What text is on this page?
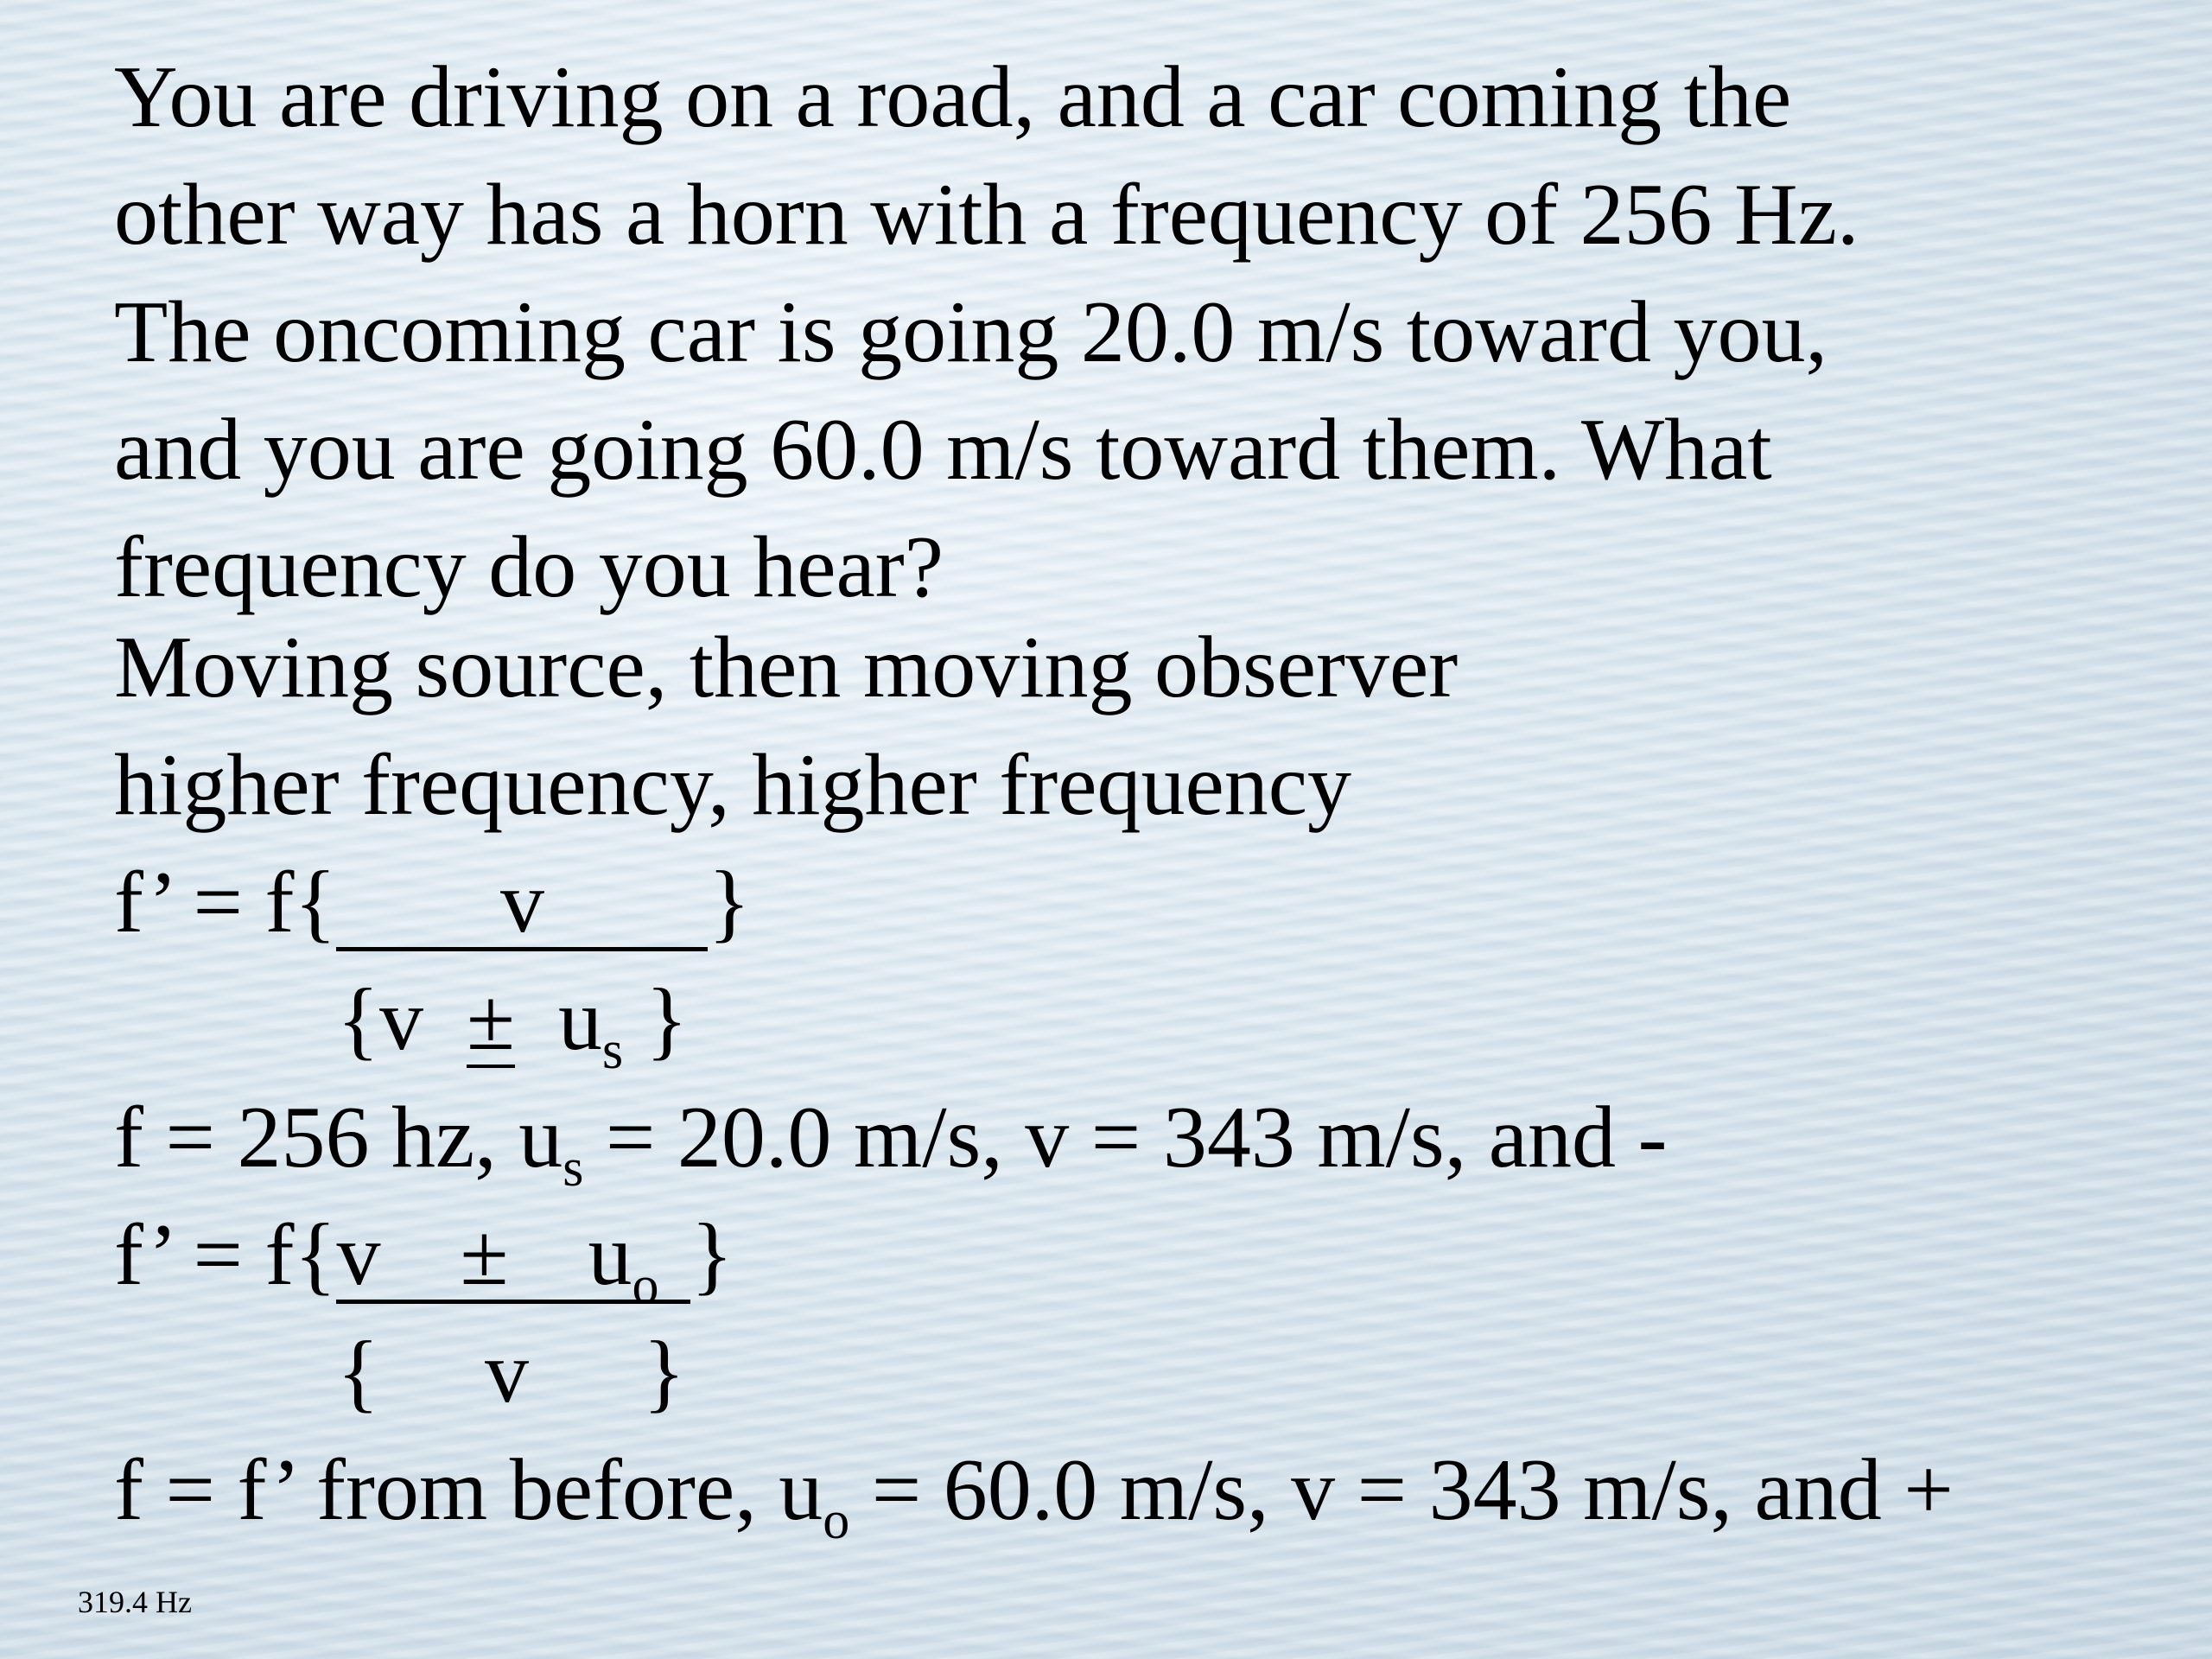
You are driving on a road, and a car coming the
other way has a horn with a frequency of 256 Hz.
The oncoming car is going 20.0 m/s toward you,
and you are going 60.0 m/s toward them. What
frequency do you hear?
Moving source, then moving observer
higher frequency, higher frequency
f’ = f{ v }
{$v \pm u_s$ }
f = 256 hz, $u_s = 20.0$ m/s, v = 343 m/s, and -
f’ = $f\{v \pm u_o$ }
{ v }
f = f’ from before, $u_o = 60.0$ m/s, v = 343 m/s, and +
319.4 Hz
